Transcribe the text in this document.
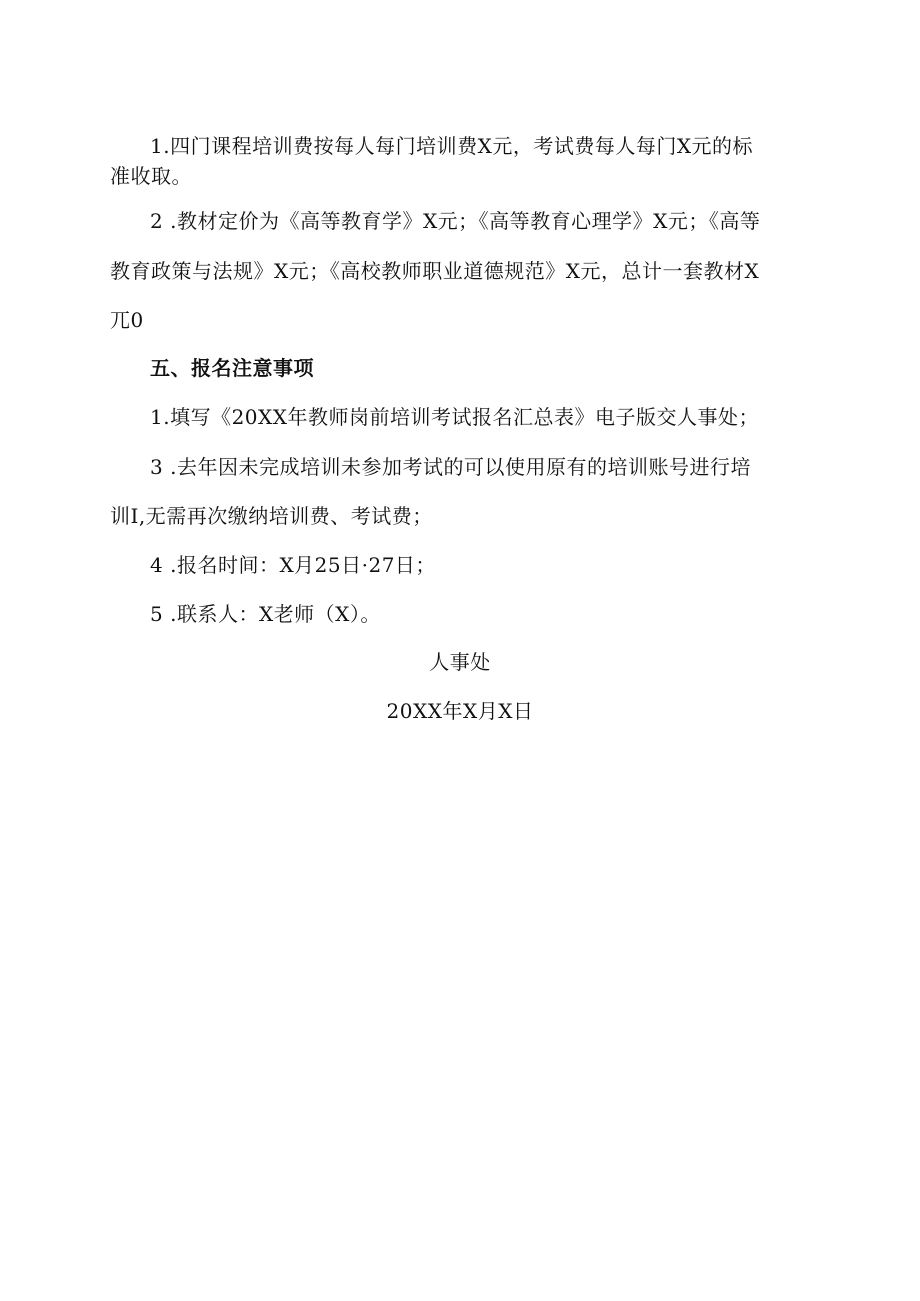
1.四门课程培训费按每人每门培训费X元，考试费每人每门X元的标
准收取。
2 .教材定价为《高等教育学》X元；《高等教育心理学》X元；《高等
教育政策与法规》X元；《高校教师职业道德规范》X元，总计一套教材X
兀0
五、报名注意事项
1.填写《20XX年教师岗前培训考试报名汇总表》电子版交人事处；
3 .去年因未完成培训未参加考试的可以使用原有的培训账号进行培
训I,无需再次缴纳培训费、考试费；
4 .报名时间：X月25日·27日；
5 .联系人：X老师（X）。
人事处
20XX年X月X日
